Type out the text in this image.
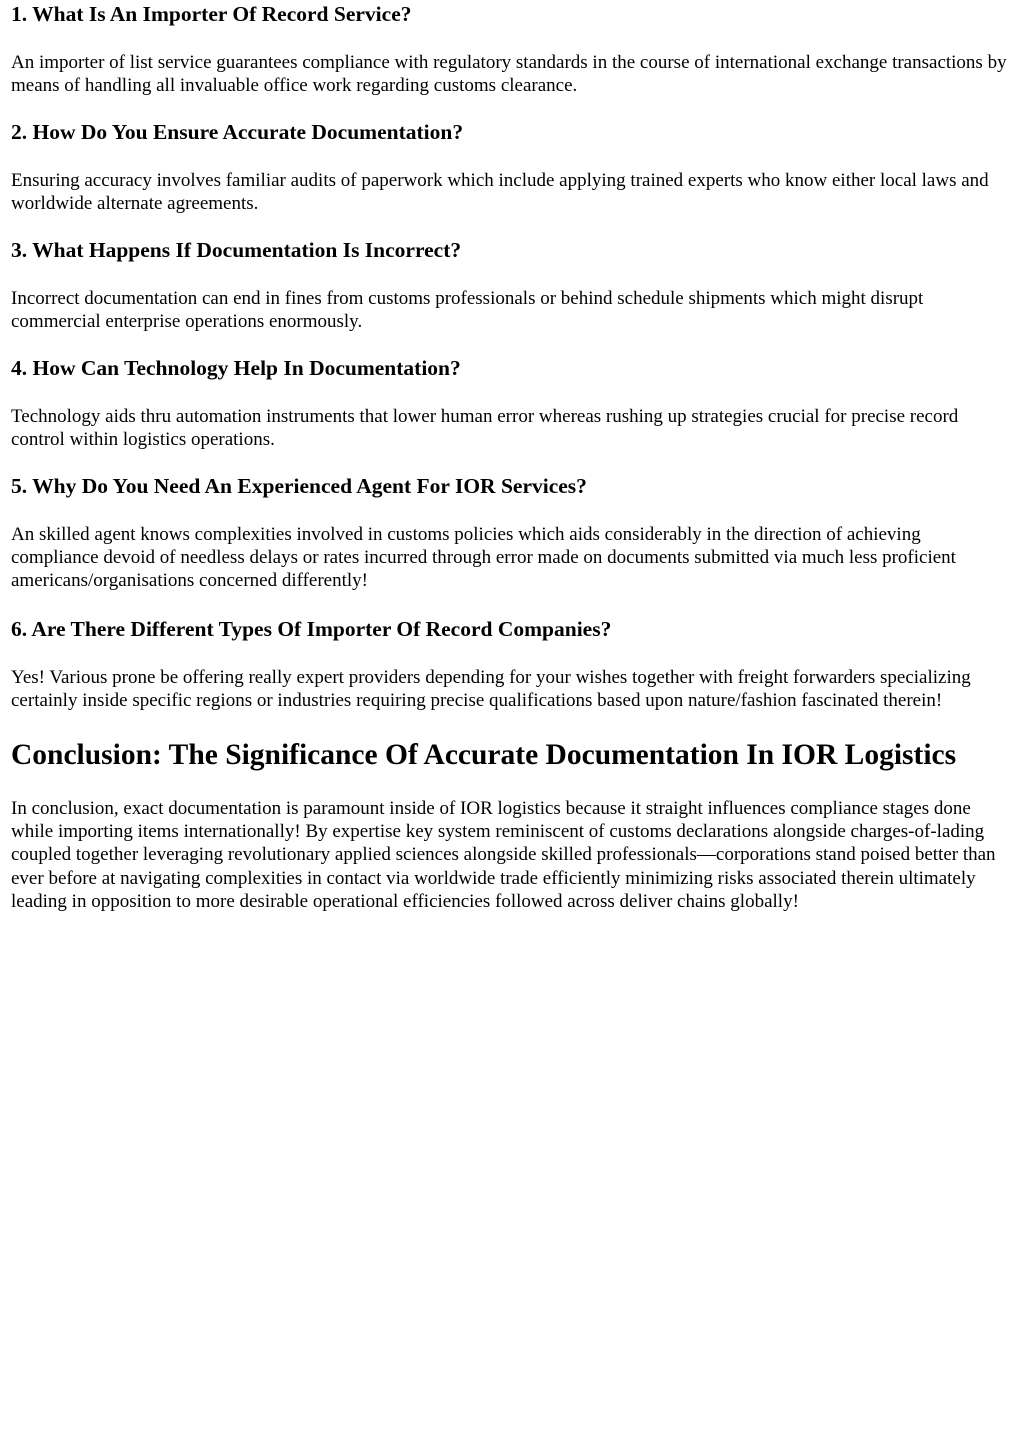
1. What Is An Importer Of Record Service?

An importer of list service guarantees compliance with regulatory standards in the course of international exchange transactions by means of handling all invaluable office work regarding customs clearance.

2. How Do You Ensure Accurate Documentation?

Ensuring accuracy involves familiar audits of paperwork which include applying trained experts who know either local laws and worldwide alternate agreements.

3. What Happens If Documentation Is Incorrect?

Incorrect documentation can end in fines from customs professionals or behind schedule shipments which might disrupt commercial enterprise operations enormously.

4. How Can Technology Help In Documentation?

Technology aids thru automation instruments that lower human error whereas rushing up strategies crucial for precise record control within logistics operations.

5. Why Do You Need An Experienced Agent For IOR Services?

An skilled agent knows complexities involved in customs policies which aids considerably in the direction of achieving compliance devoid of needless delays or rates incurred through error made on documents submitted via much less proficient americans/organisations concerned differently!

6. Are There Different Types Of Importer Of Record Companies?

Yes! Various prone be offering really expert providers depending for your wishes together with freight forwarders specializing certainly inside specific regions or industries requiring precise qualifications based upon nature/fashion fascinated therein!

Conclusion: The Significance Of Accurate Documentation In IOR Logistics

In conclusion, exact documentation is paramount inside of IOR logistics because it straight influences compliance stages done while importing items internationally! By expertise key system reminiscent of customs declarations alongside charges-of-lading coupled together leveraging revolutionary applied sciences alongside skilled professionals—corporations stand poised better than ever before at navigating complexities in contact via worldwide trade efficiently minimizing risks associated therein ultimately leading in opposition to more desirable operational efficiencies followed across deliver chains globally!
